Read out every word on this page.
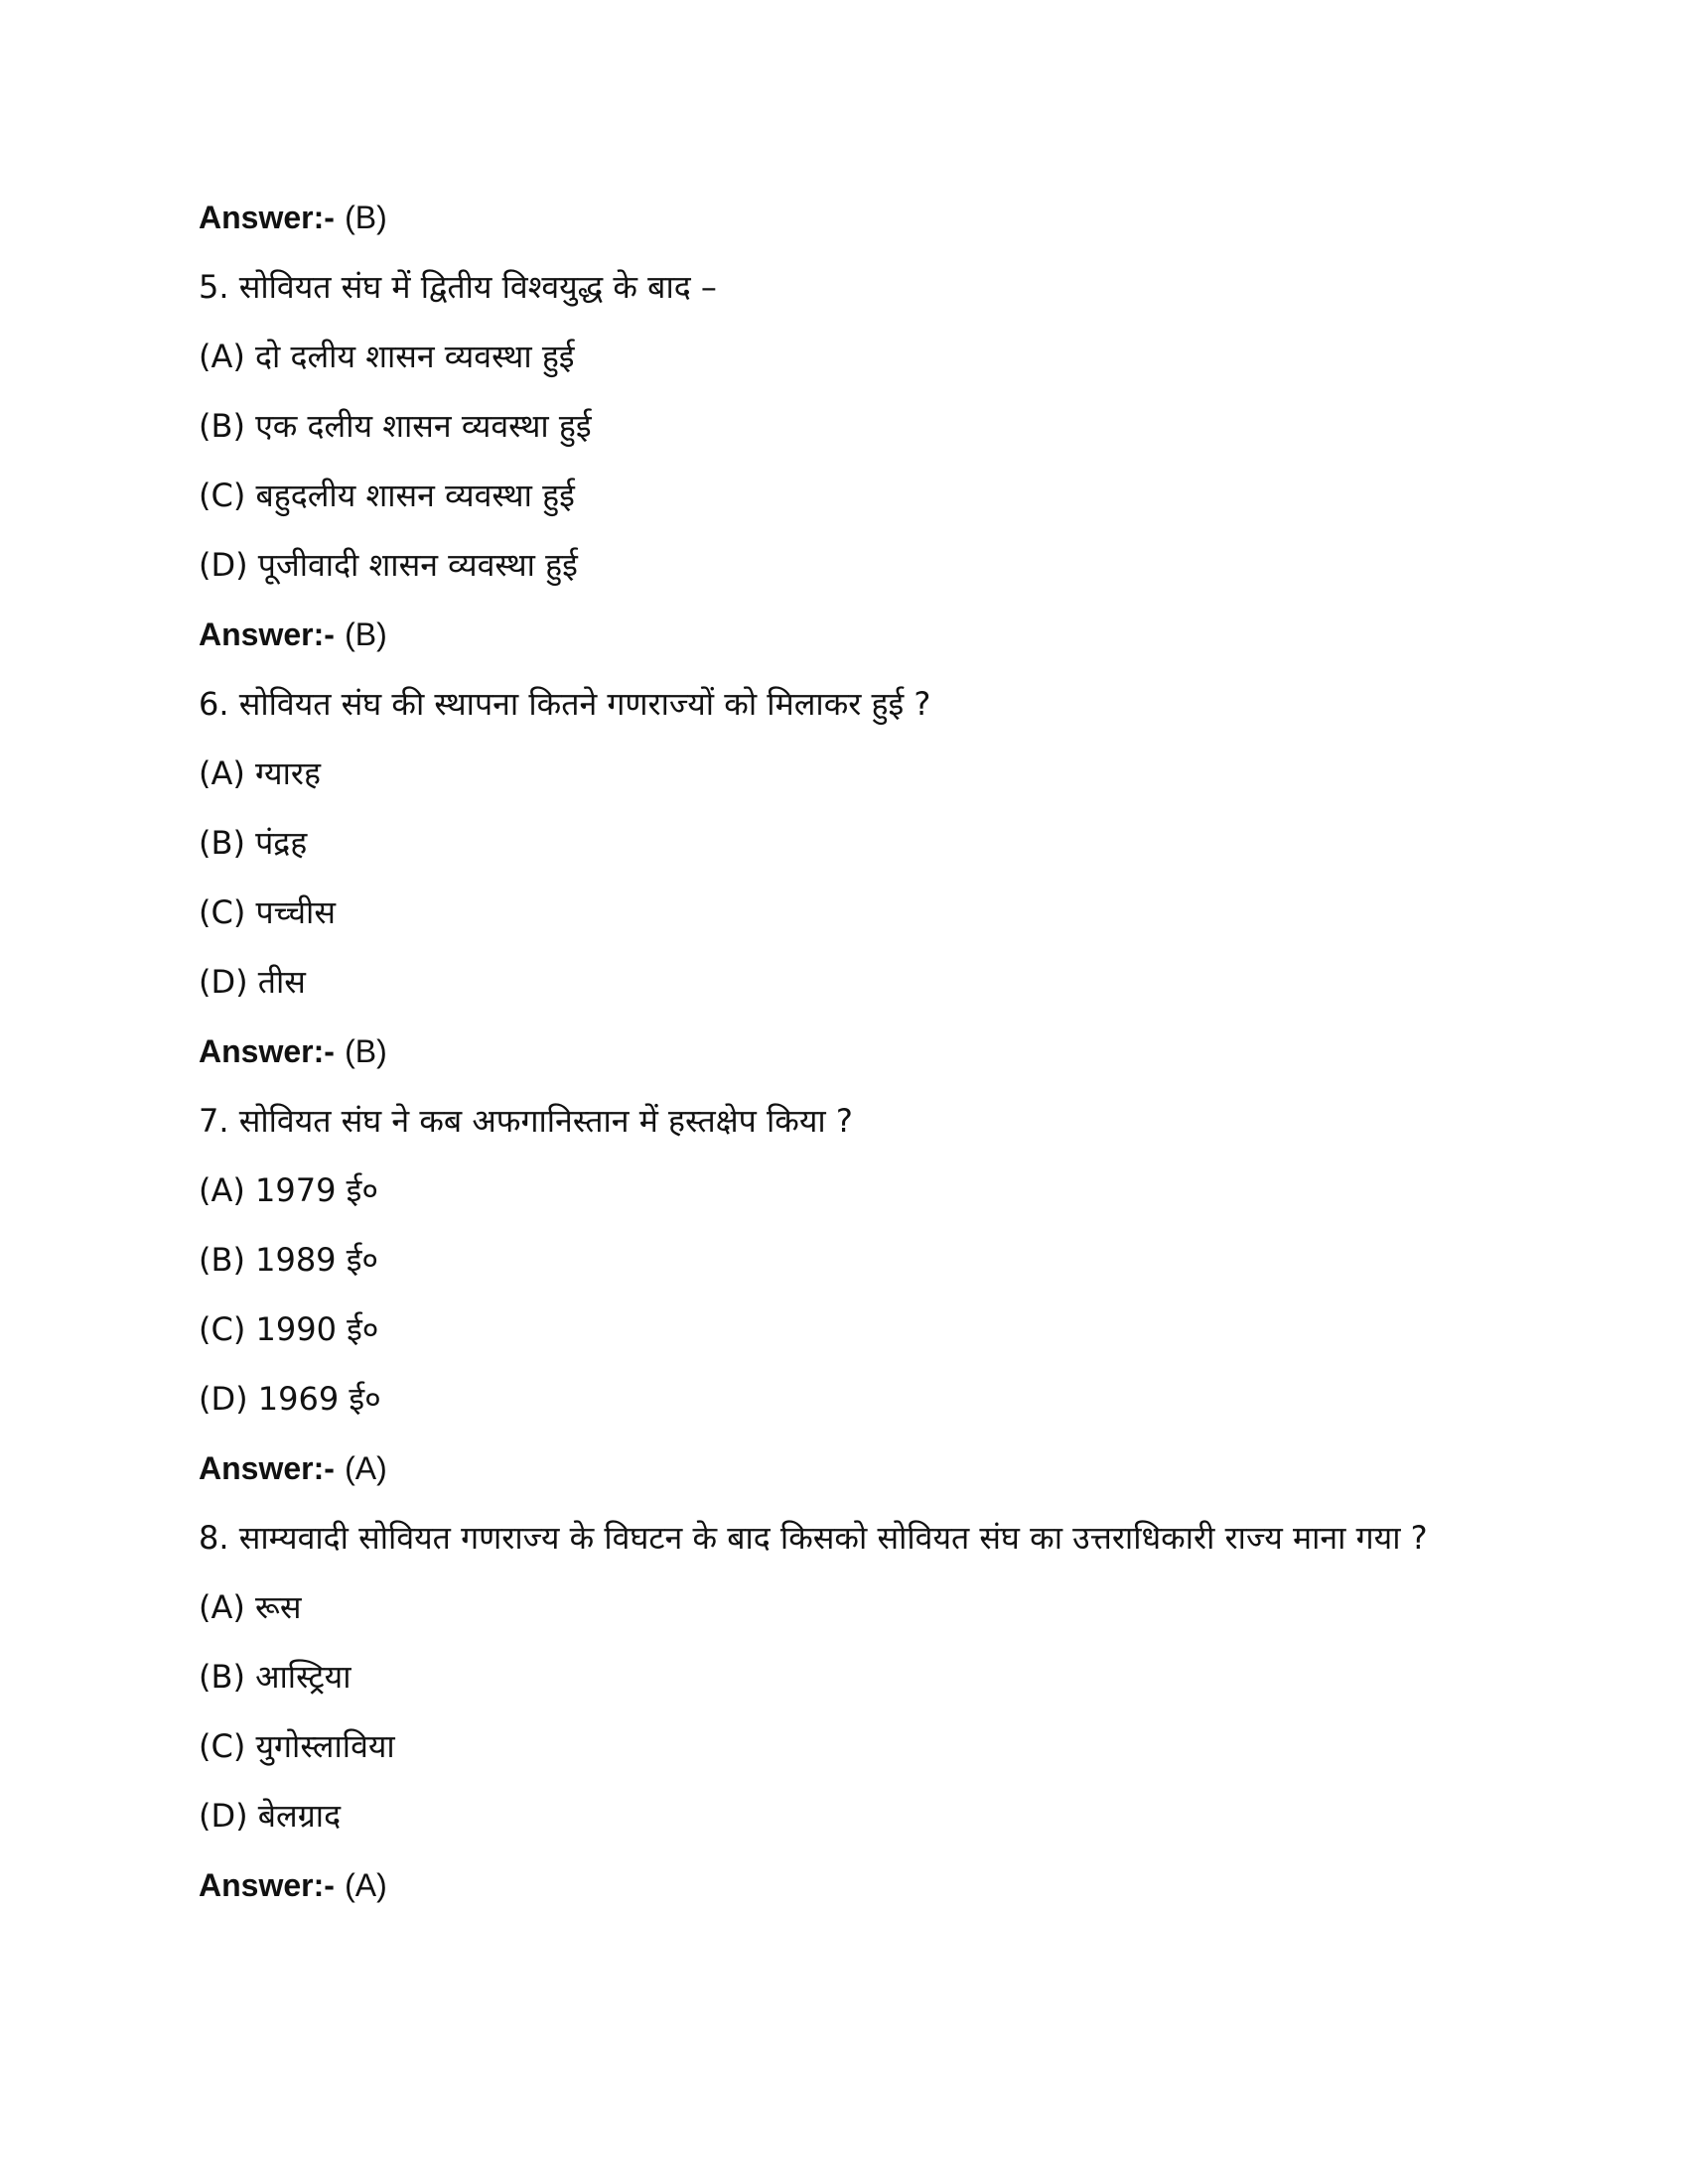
Answer:- (B)
5. सोवियत संघ में द्वितीय विश्वयुद्ध के बाद –
(A) दो दलीय शासन व्यवस्था हुई
(B) एक दलीय शासन व्यवस्था हुई
(C) बहुदलीय शासन व्यवस्था हुई
(D) पूजीवादी शासन व्यवस्था हुई
Answer:- (B)
6. सोवियत संघ की स्थापना कितने गणराज्यों को मिलाकर हुई ?
(A) ग्यारह
(B) पंद्रह
(C) पच्चीस
(D) तीस
Answer:- (B)
7. सोवियत संघ ने कब अफगानिस्तान में हस्तक्षेप किया ?
(A) 1979 ई०
(B) 1989 ई०
(C) 1990 ई०
(D) 1969 ई०
Answer:- (A)
8. साम्यवादी सोवियत गणराज्य के विघटन के बाद किसको सोवियत संघ का उत्तराधिकारी राज्य माना गया ?
(A) रूस
(B) आस्ट्रिया
(C) युगोस्लाविया
(D) बेलग्राद
Answer:- (A)
